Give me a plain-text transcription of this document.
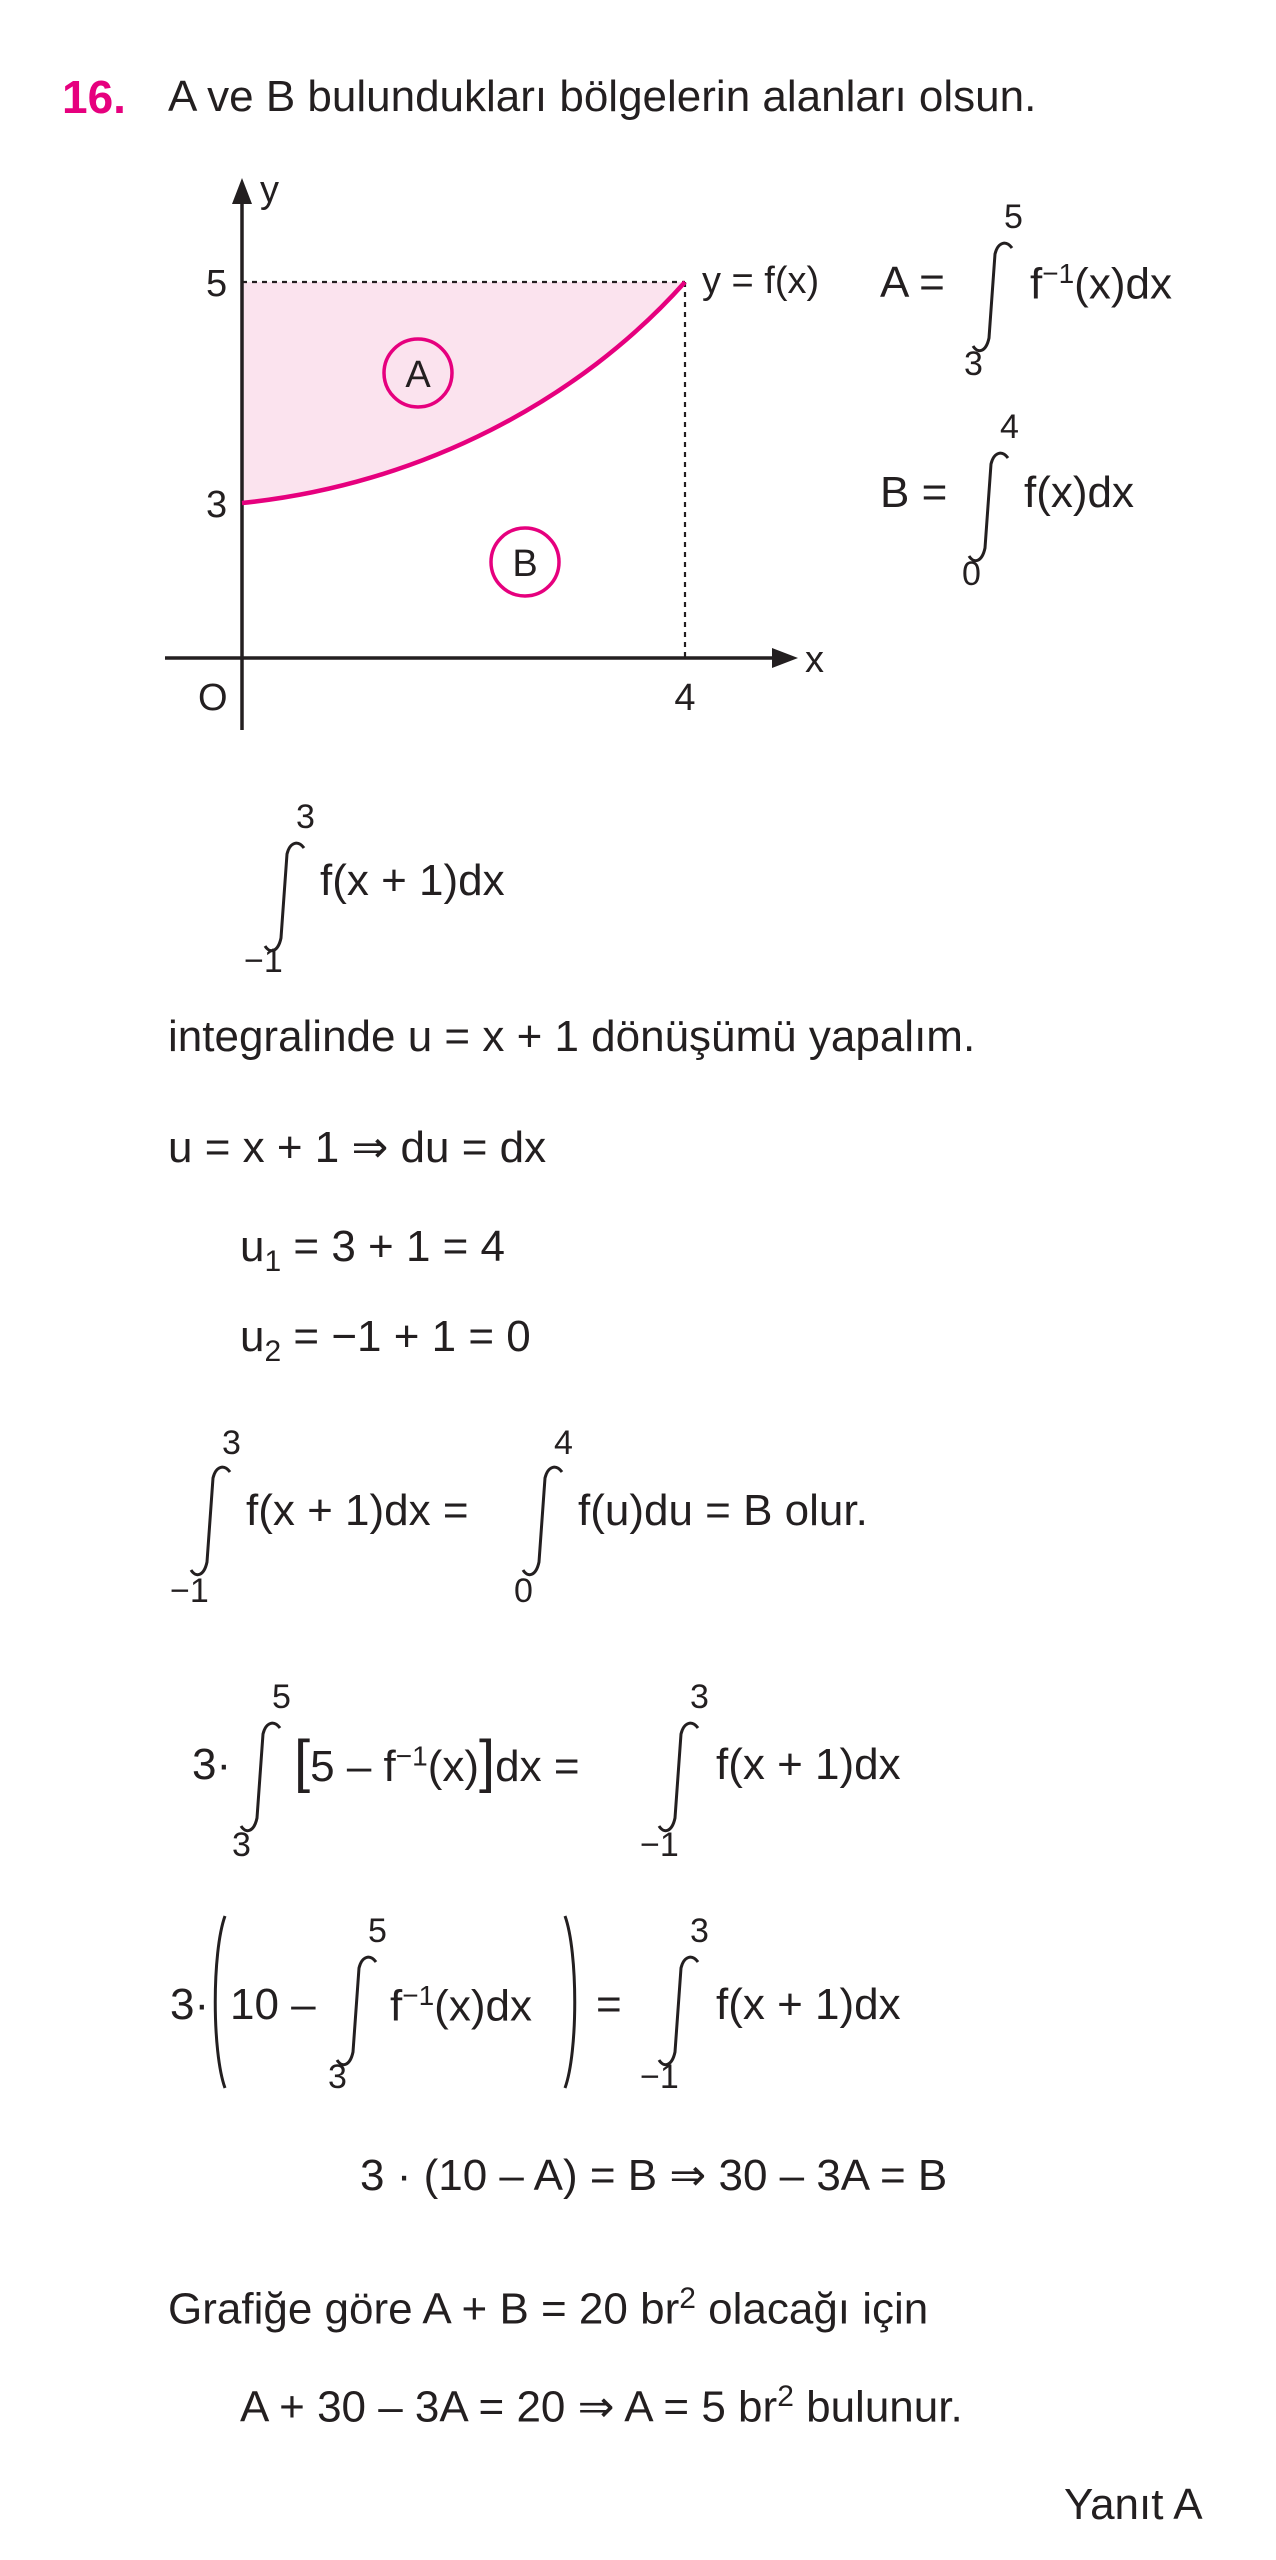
16. A ve B bulundukları bölgelerin alanları olsun.
A
B
y
x
O
5
3
4
y = f(x) A =
5
3
$f^{-1}(x)dx$
B =
4
0
f(x)dx
3
−1
f(x + 1)dx
integralinde u = x + 1 dönüşümü yapalım.
u = x + 1 ⇒ du = dx
$u_1 = 3 + 1 = 4$
$u_2 = -1 + 1 = 0$
3
−1
f(x + 1)dx =
4
0
f(u)du = B olur.
3·
5
3
$[5 - f^{-1}(x)]dx$ =
3
−1
f(x + 1)dx
3· 10 –
5
3
$f^{-1}(x)dx$ =
3
−1
f(x + 1)dx
3 · (10 – A) = B ⇒ 30 – 3A = B
Grafiğe göre A + B = 20 $br^2$ olacağı için
A + 30 – 3A = 20 ⇒ A = 5 $br^2$ bulunur.
Yanıt A
